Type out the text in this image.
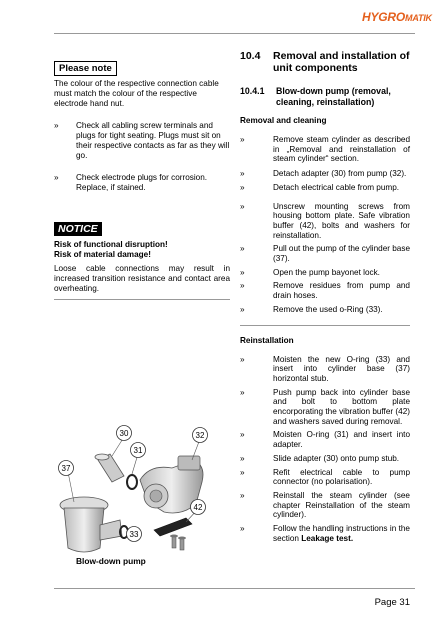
HYGROMATIK
Please note
The colour of the respective connection cable must match the colour of the respective electrode hand nut.
»	Check all cabling screw terminals and plugs for tight seating. Plugs must sit on their respective contacts as far as they will go.
»	Check electrode plugs for corrosion. Replace, if stained.
NOTICE
Risk of functional disruption!
Risk of material damage!
Loose cable connections may result in increased transition resistance and contact area overheating.
30
31
32
37
42
33
Blow-down pump
10.4	Removal and installation of unit components
10.4.1	Blow-down pump (removal, cleaning, reinstallation)
Removal and cleaning
»	Remove steam cylinder as described in „Removal and reinstallation of steam cylinder“ section.
»	Detach adapter (30) from pump (32).
»	Detach electrical cable from pump.
»	Unscrew mounting screws from housing bottom plate. Safe vibration buffer (42), bolts and washers for reinstallation.
»	Pull out the pump of the cylinder base (37).
»	Open the pump bayonet lock.
»	Remove residues from pump and drain hoses.
»	Remove the used o-Ring (33).
Reinstallation
»	Moisten the new O-ring (33) and insert into cylinder base (37) horizontal stub.
»	Push pump back into cylinder base and bolt to bottom plate encorporating the vibration buffer (42) and washers saved during removal.
»	Moisten O-ring (31) and insert into adapter.
»	Slide adapter (30) onto pump stub.
»	Refit electrical cable to pump connector (no polarisation).
»	Reinstall the steam cylinder (see chapter Reinstallation of the steam cylinder).
»	Follow the handling instructions in the section Leakage test.
Page 31
